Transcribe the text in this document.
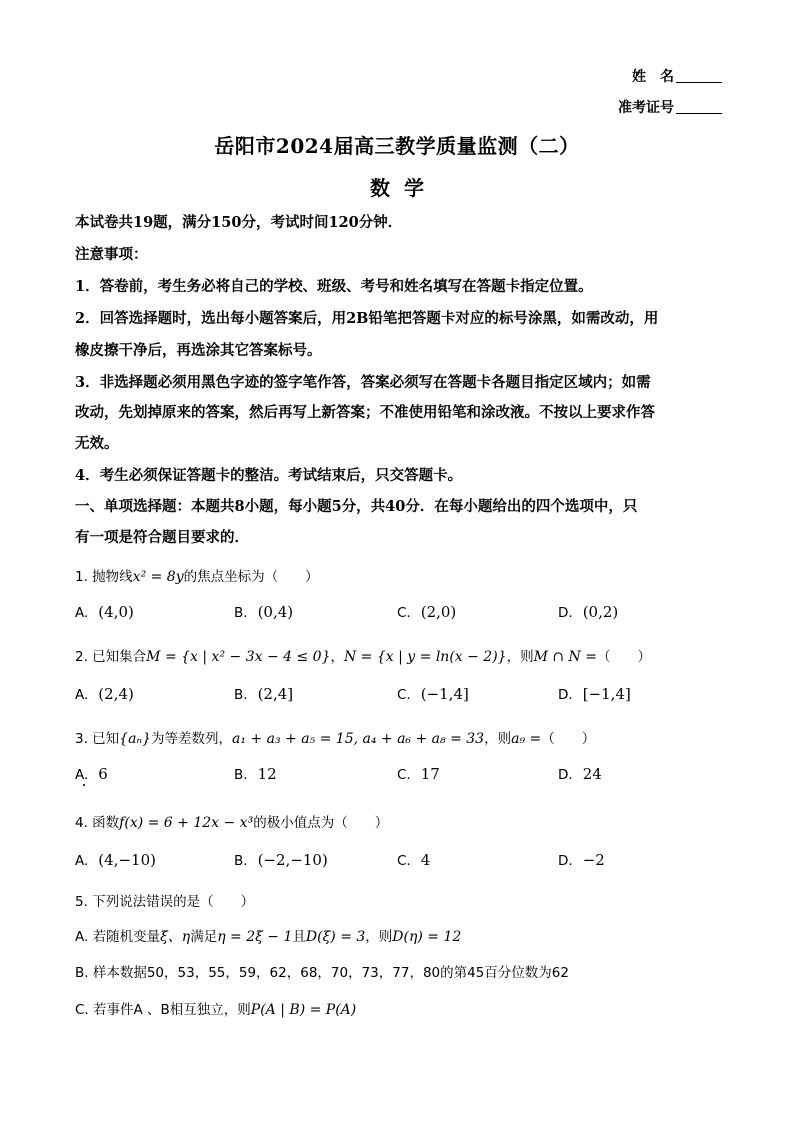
姓　名
准考证号
岳阳市2024届高三教学质量监测（二）
数学
本试卷共19题，满分150分，考试时间120分钟．
注意事项：
1．答卷前，考生务必将自己的学校、班级、考号和姓名填写在答题卡指定位置。
2．回答选择题时，选出每小题答案后，用2B铅笔把答题卡对应的标号涂黑，如需改动，用
橡皮擦干净后，再选涂其它答案标号。
3．非选择题必须用黑色字迹的签字笔作答，答案必须写在答题卡各题目指定区域内；如需
改动，先划掉原来的答案，然后再写上新答案；不准使用铅笔和涂改液。不按以上要求作答
无效。
4．考生必须保证答题卡的整洁。考试结束后，只交答题卡。
一、单项选择题：本题共8小题，每小题5分，共40分．在每小题给出的四个选项中，只
有一项是符合题目要求的．
1. 抛物线x² = 8y的焦点坐标为（　　）
A. (4,0)	B. (0,4)	C. (2,0)	D. (0,2)
2. 已知集合M = {x | x² − 3x − 4 ≤ 0}，N = {x | y = ln(x − 2)}，则M ∩ N =（　　）
A. (2,4)	B. (2,4]	C. (−1,4]	D. [−1,4]
3. 已知{aₙ}为等差数列，a₁ + a₃ + a₅ = 15, a₄ + a₆ + a₈ = 33，则a₉ =（　　）
A. 6	B. 12	C. 17	D. 24
4. 函数f(x) = 6 + 12x − x³的极小值点为（　　）
A. (4,−10)	B. (−2,−10)	C. 4	D. −2
5. 下列说法错误的是（　　）
A. 若随机变量ξ、η满足η = 2ξ − 1且D(ξ) = 3，则D(η) = 12
B. 样本数据50，53，55，59，62，68，70，73，77，80的第45百分位数为62
C. 若事件A 、B相互独立，则P(A | B) = P(A)
